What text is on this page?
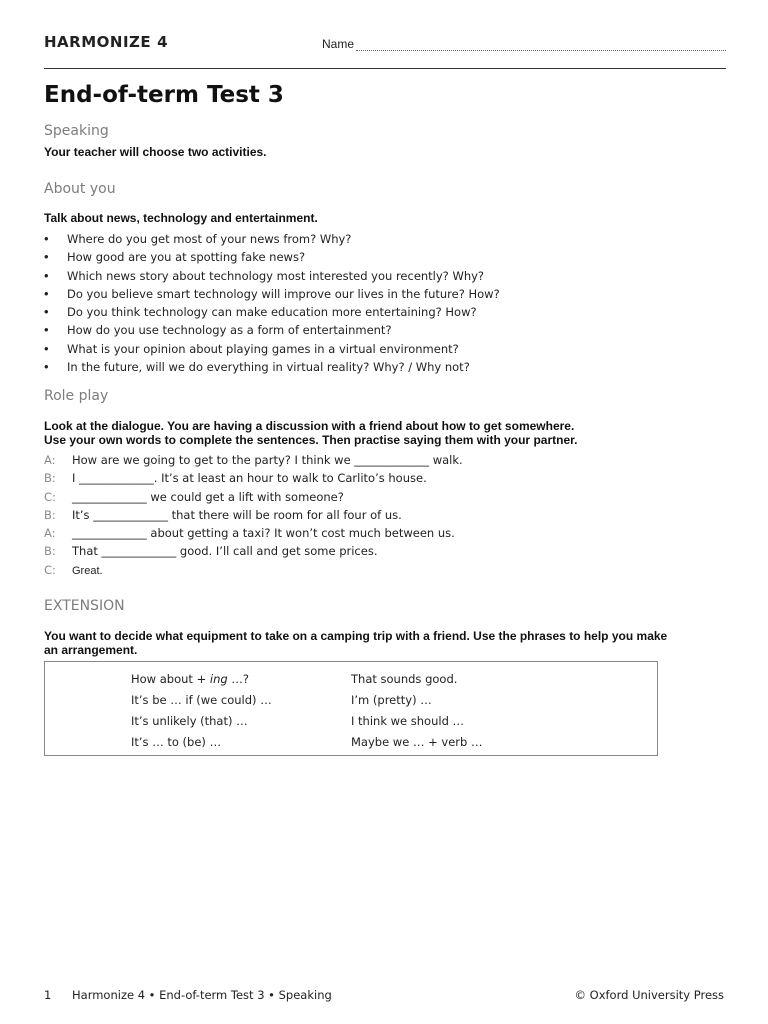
HARMONIZE 4	Name
End-of-term Test 3
Speaking
Your teacher will choose two activities.
About you
Talk about news, technology and entertainment.
• Where do you get most of your news from? Why?
• How good are you at spotting fake news?
• Which news story about technology most interested you recently? Why?
• Do you believe smart technology will improve our lives in the future? How?
• Do you think technology can make education more entertaining? How?
• How do you use technology as a form of entertainment?
• What is your opinion about playing games in a virtual environment?
• In the future, will we do everything in virtual reality? Why? / Why not?
Role play
Look at the dialogue. You are having a discussion with a friend about how to get somewhere.
Use your own words to complete the sentences. Then practise saying them with your partner.
A: How are we going to get to the party? I think we _____________ walk.
B: I _____________. It’s at least an hour to walk to Carlito’s house.
C: _____________ we could get a lift with someone?
B: It’s _____________ that there will be room for all four of us.
A: _____________ about getting a taxi? It won’t cost much between us.
B: That _____________ good. I’ll call and get some prices.
C: Great.
EXTENSION
You want to decide what equipment to take on a camping trip with a friend. Use the phrases to help you make
an arrangement.
How about + ing …?
It’s be … if (we could) …
It’s unlikely (that) …
It’s … to (be) …
That sounds good.
I’m (pretty) …
I think we should …
Maybe we … + verb …
1 Harmonize 4 • End-of-term Test 3 • Speaking	© Oxford University Press
